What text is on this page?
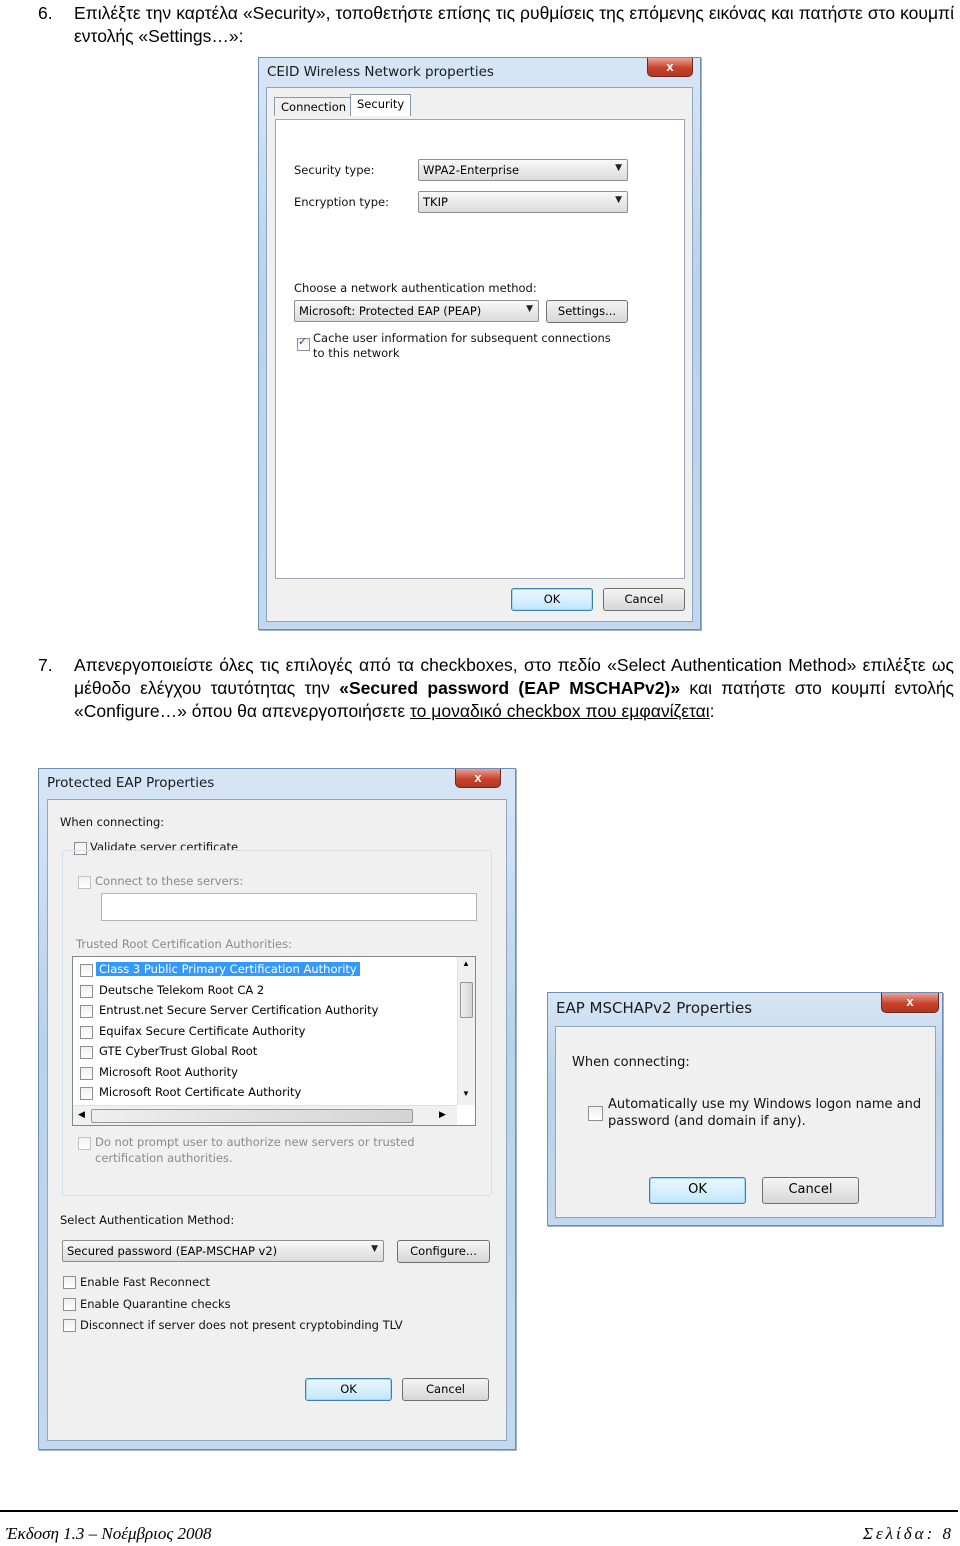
6. Επιλέξτε την καρτέλα «Security», τοποθετήστε επίσης τις ρυθμίσεις της επόμενης εικόνας και πατήστε στο κουμπί εντολής «Settings…»:
CEID Wireless Network properties	x
Connection Security
Security type:	WPA2-Enterprise	▼
Encryption type:	TKIP	▼
Choose a network authentication method:
Microsoft: Protected EAP (PEAP)	▼	Settings...
✓
Cache user information for subsequent connections
to this network
OK	Cancel
7. Απενεργοποιείστε όλες τις επιλογές από τα checkboxes, στο πεδίο «Select Authentication Method» επιλέξτε ως μέθοδο ελέγχου ταυτότητας την «Secured password (EAP MSCHAPv2)» και πατήστε στο κουμπί εντολής «Configure…» όπου θα απενεργοποιήσετε το μοναδικό checkbox που εμφανίζεται:
Protected EAP Properties	x
When connecting:
Validate server certificate
Connect to these servers:
Trusted Root Certification Authorities:
Class 3 Public Primary Certification Authority
Deutsche Telekom Root CA 2
Entrust.net Secure Server Certification Authority
Equifax Secure Certificate Authority
GTE CyberTrust Global Root
Microsoft Root Authority
Microsoft Root Certificate Authority
▲
▼
◀	▶
Do not prompt user to authorize new servers or trusted
certification authorities.
Select Authentication Method:
Secured password (EAP-MSCHAP v2)	▼	Configure...
Enable Fast Reconnect
Enable Quarantine checks
Disconnect if server does not present cryptobinding TLV
OK	Cancel
EAP MSCHAPv2 Properties	x
When connecting:
Automatically use my Windows logon name and
password (and domain if any).
OK	Cancel
Έκδοση 1.3 – Νοέμβριος 2008	Σελίδα: 8
